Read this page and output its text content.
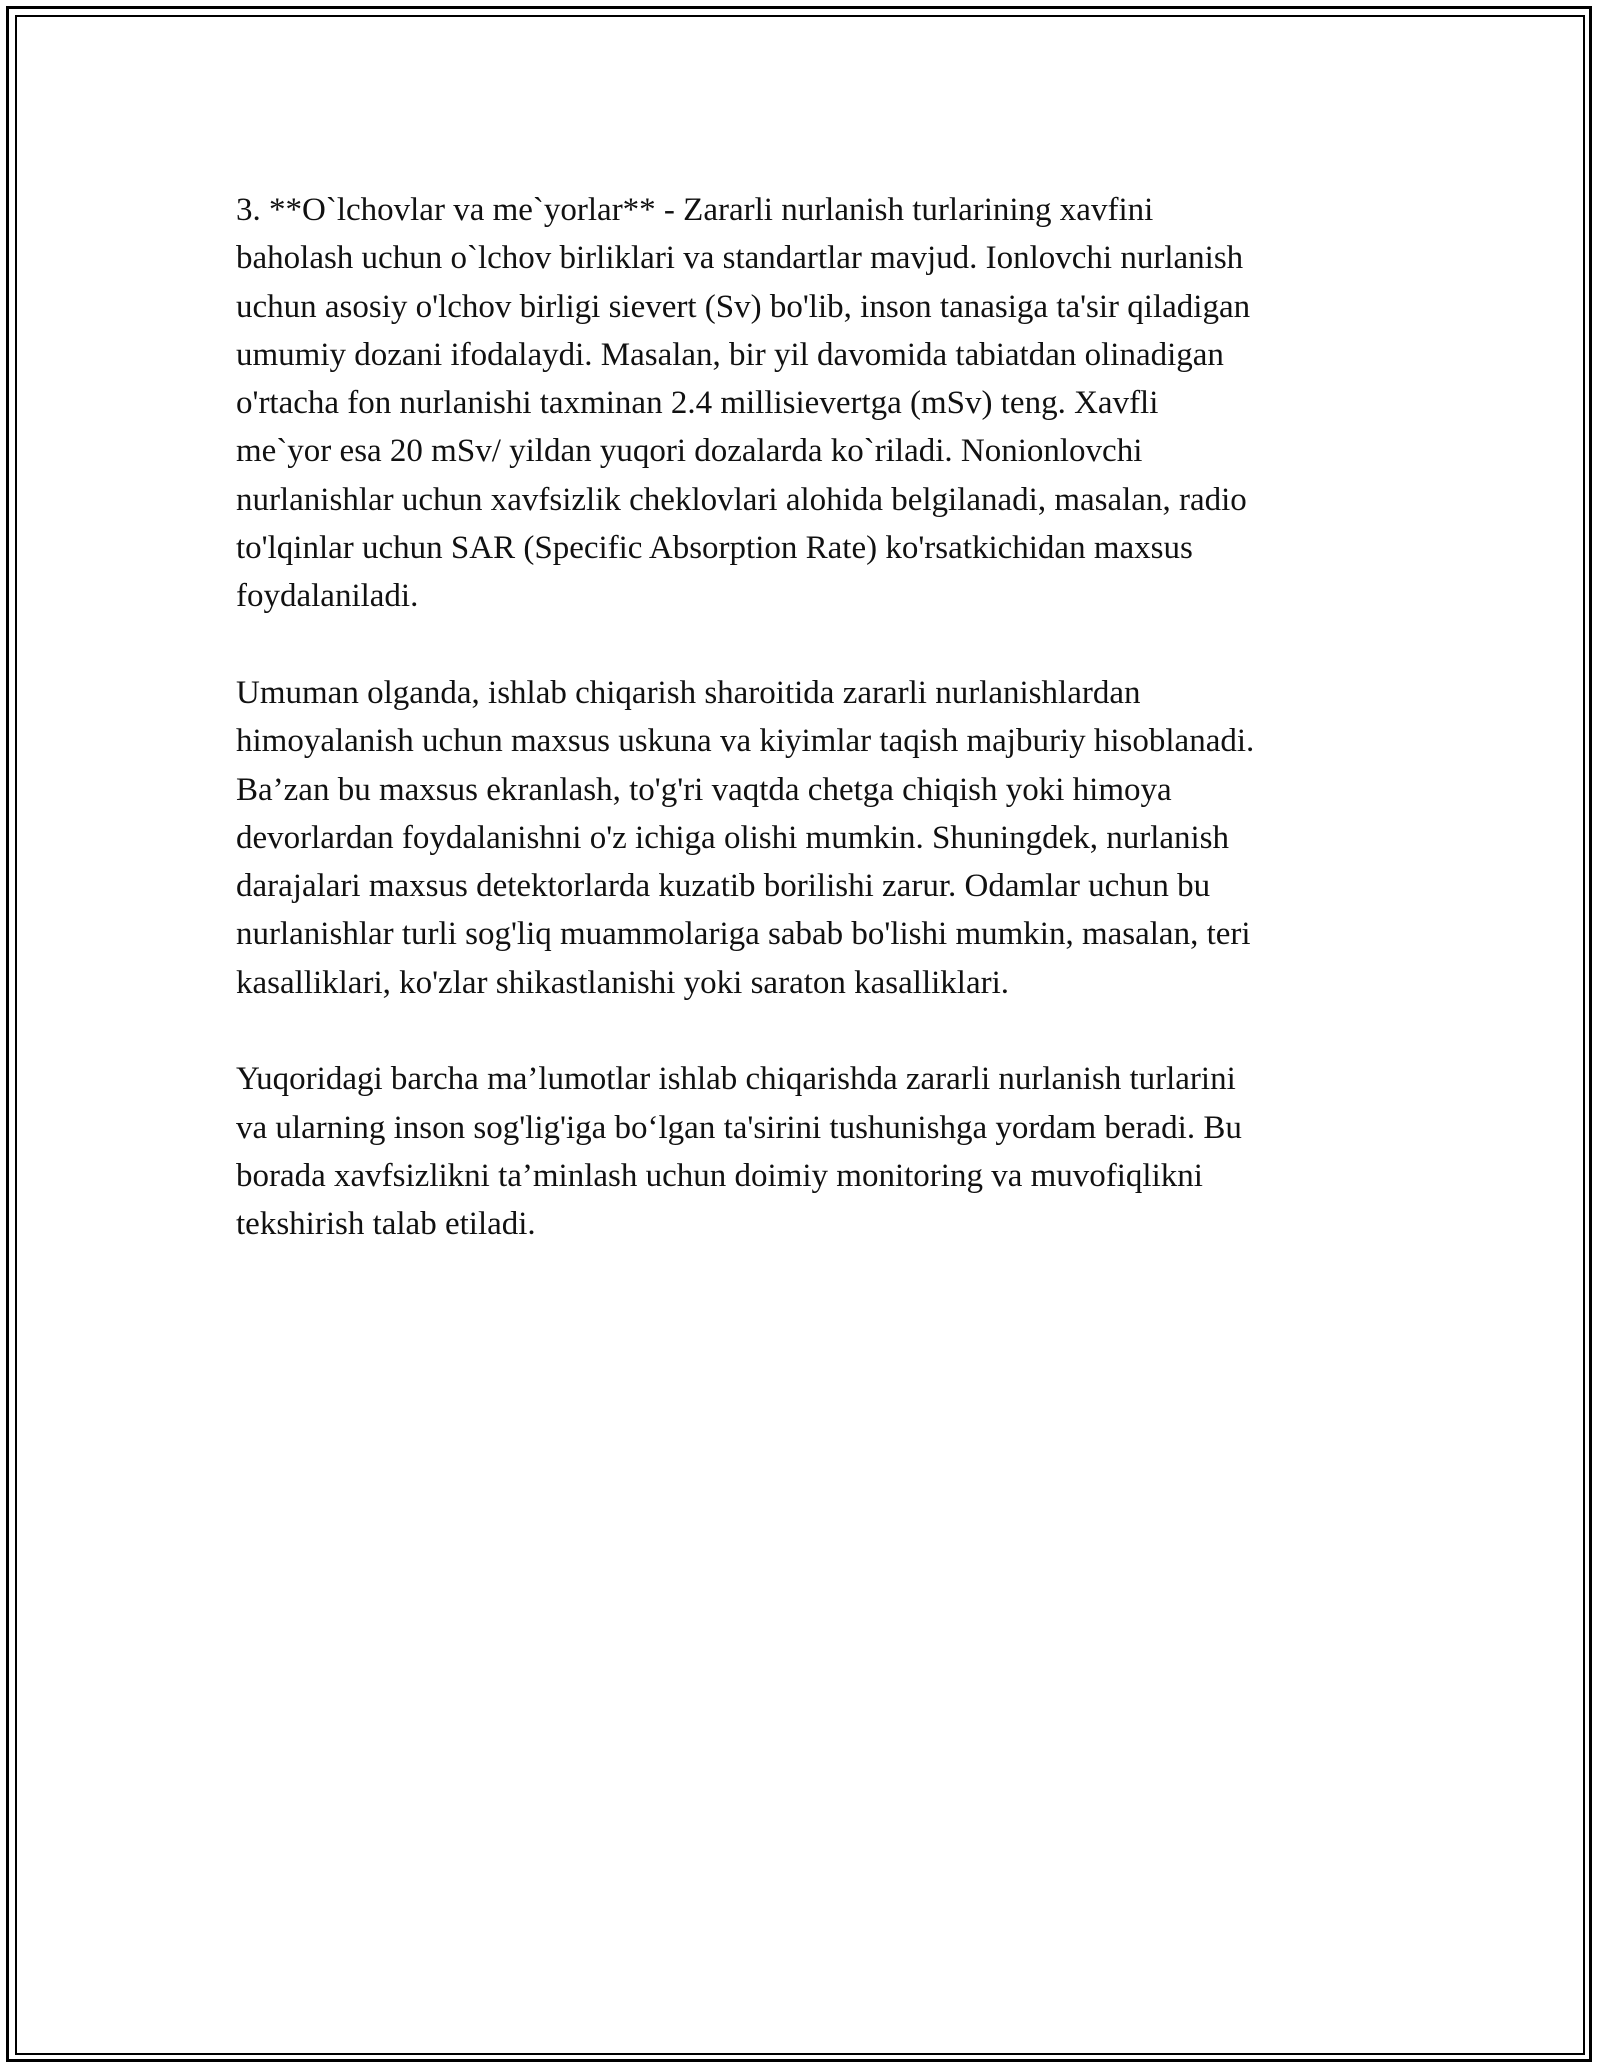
3. **O`lchovlar va me`yorlar** - Zararli nurlanish turlarining xavfini
baholash uchun o`lchov birliklari va standartlar mavjud. Ionlovchi nurlanish
uchun asosiy o'lchov birligi sievert (Sv) bo'lib, inson tanasiga ta'sir qiladigan
umumiy dozani ifodalaydi. Masalan, bir yil davomida tabiatdan olinadigan
o'rtacha fon nurlanishi taxminan 2.4 millisievertga (mSv) teng. Xavfli
me`yor esa 20 mSv/ yildan yuqori dozalarda ko`riladi. Nonionlovchi
nurlanishlar uchun xavfsizlik cheklovlari alohida belgilanadi, masalan, radio
to'lqinlar uchun SAR (Specific Absorption Rate) ko'rsatkichidan maxsus
foydalaniladi.

Umuman olganda, ishlab chiqarish sharoitida zararli nurlanishlardan
himoyalanish uchun maxsus uskuna va kiyimlar taqish majburiy hisoblanadi.
Ba’zan bu maxsus ekranlash, to'g'ri vaqtda chetga chiqish yoki himoya
devorlardan foydalanishni o'z ichiga olishi mumkin. Shuningdek, nurlanish
darajalari maxsus detektorlarda kuzatib borilishi zarur. Odamlar uchun bu
nurlanishlar turli sog'liq muammolariga sabab bo'lishi mumkin, masalan, teri
kasalliklari, ko'zlar shikastlanishi yoki saraton kasalliklari.

Yuqoridagi barcha ma’lumotlar ishlab chiqarishda zararli nurlanish turlarini
va ularning inson sog'lig'iga bo‘lgan ta'sirini tushunishga yordam beradi. Bu
borada xavfsizlikni ta’minlash uchun doimiy monitoring va muvofiqlikni
tekshirish talab etiladi.
